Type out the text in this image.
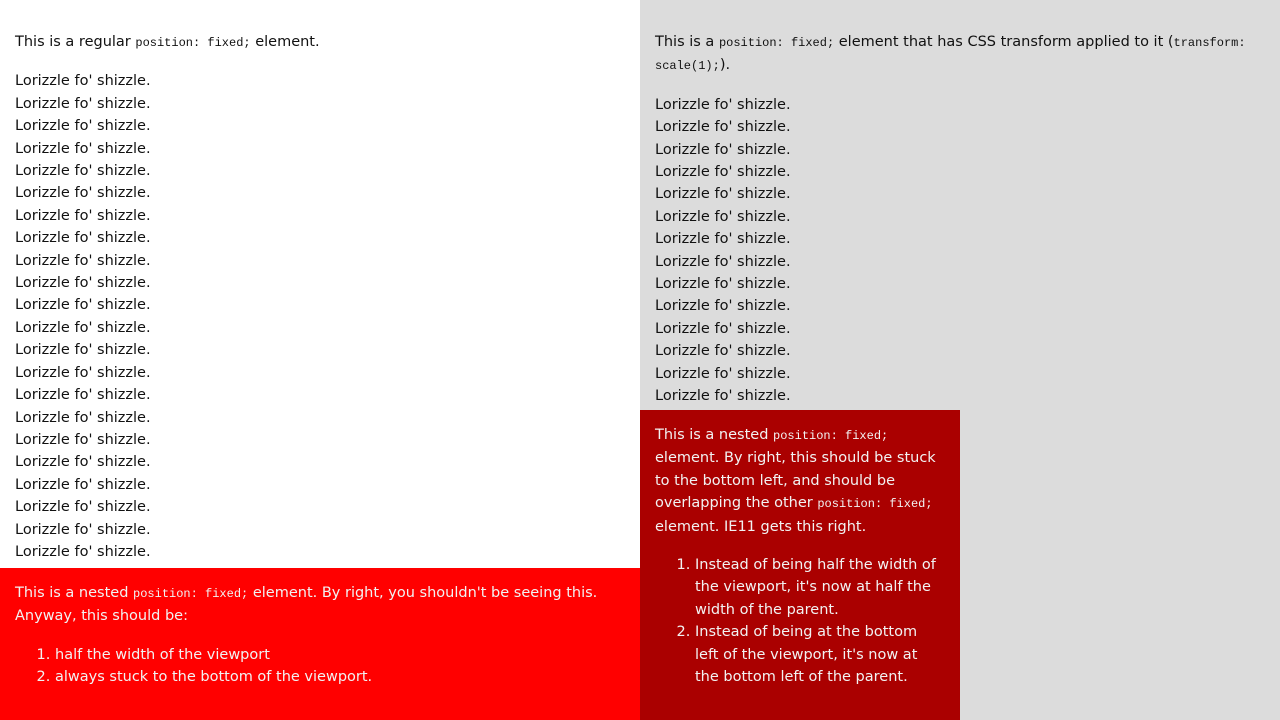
This is a regular position: fixed; element.

Lorizzle fo' shizzle.
Lorizzle fo' shizzle.
Lorizzle fo' shizzle.
Lorizzle fo' shizzle.
Lorizzle fo' shizzle.
Lorizzle fo' shizzle.
Lorizzle fo' shizzle.
Lorizzle fo' shizzle.
Lorizzle fo' shizzle.
Lorizzle fo' shizzle.
Lorizzle fo' shizzle.
Lorizzle fo' shizzle.
Lorizzle fo' shizzle.
Lorizzle fo' shizzle.
Lorizzle fo' shizzle.
Lorizzle fo' shizzle.
Lorizzle fo' shizzle.
Lorizzle fo' shizzle.
Lorizzle fo' shizzle.
Lorizzle fo' shizzle.
Lorizzle fo' shizzle.
Lorizzle fo' shizzle.

This is a nested position: fixed; element. By right, you shouldn't be seeing this. Anyway, this should be:

1. half the width of the viewport
2. always stuck to the bottom of the viewport.

This is a position: fixed; element that has CSS transform applied to it (transform: scale(1);).

Lorizzle fo' shizzle.
Lorizzle fo' shizzle.
Lorizzle fo' shizzle.
Lorizzle fo' shizzle.
Lorizzle fo' shizzle.
Lorizzle fo' shizzle.
Lorizzle fo' shizzle.
Lorizzle fo' shizzle.
Lorizzle fo' shizzle.
Lorizzle fo' shizzle.
Lorizzle fo' shizzle.
Lorizzle fo' shizzle.
Lorizzle fo' shizzle.
Lorizzle fo' shizzle.

This is a nested position: fixed; element. By right, this should be stuck to the bottom left, and should be overlapping the other position: fixed; element. IE11 gets this right.

1. Instead of being half the width of the viewport, it's now at half the width of the parent.
2. Instead of being at the bottom left of the viewport, it's now at the bottom left of the parent.
